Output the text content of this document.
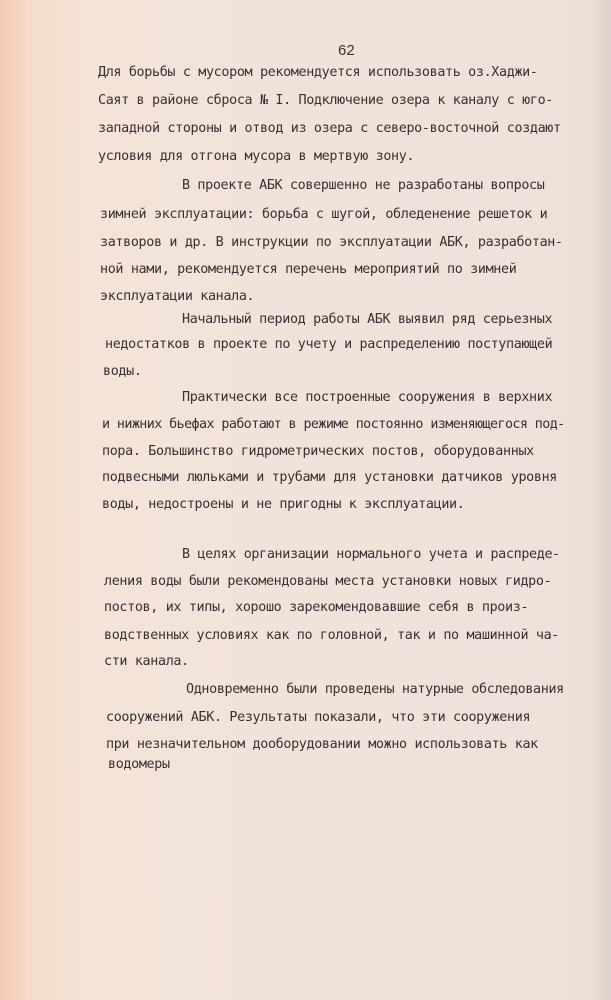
62
Для борьбы с мусором рекомендуется использовать оз.Хаджи-
Саят в районе сброса № I. Подключение озера к каналу с юго-
западной стороны и отвод из озера с северо-восточной создают
условия для отгона мусора в мертвую зону.
В проекте АБК совершенно не разработаны вопросы
зимней эксплуатации: борьба с шугой, обледенение решеток и
затворов и др. В инструкции по эксплуатации АБК, разработан-
ной нами, рекомендуется перечень мероприятий по зимней
эксплуатации канала.
Начальный период работы АБК выявил ряд серьезных
недостатков в проекте по учету и распределению поступающей
воды.
Практически все построенные сооружения в верхних
и нижних бьефах работают в режиме постоянно изменяющегося под-
пора. Большинство гидрометрических постов, оборудованных
подвесными люльками и трубами для установки датчиков уровня
воды, недостроены и не пригодны к эксплуатации.
В целях организации нормального учета и распреде-
ления воды были рекомендованы места установки новых гидро-
постов, их типы, хорошо зарекомендовавшие себя в произ-
водственных условиях как по головной, так и по машинной ча-
сти канала.
Одновременно были проведены натурные обследования
сооружений АБК. Результаты показали, что эти сооружения
при незначительном дооборудовании можно использовать как
водомеры
